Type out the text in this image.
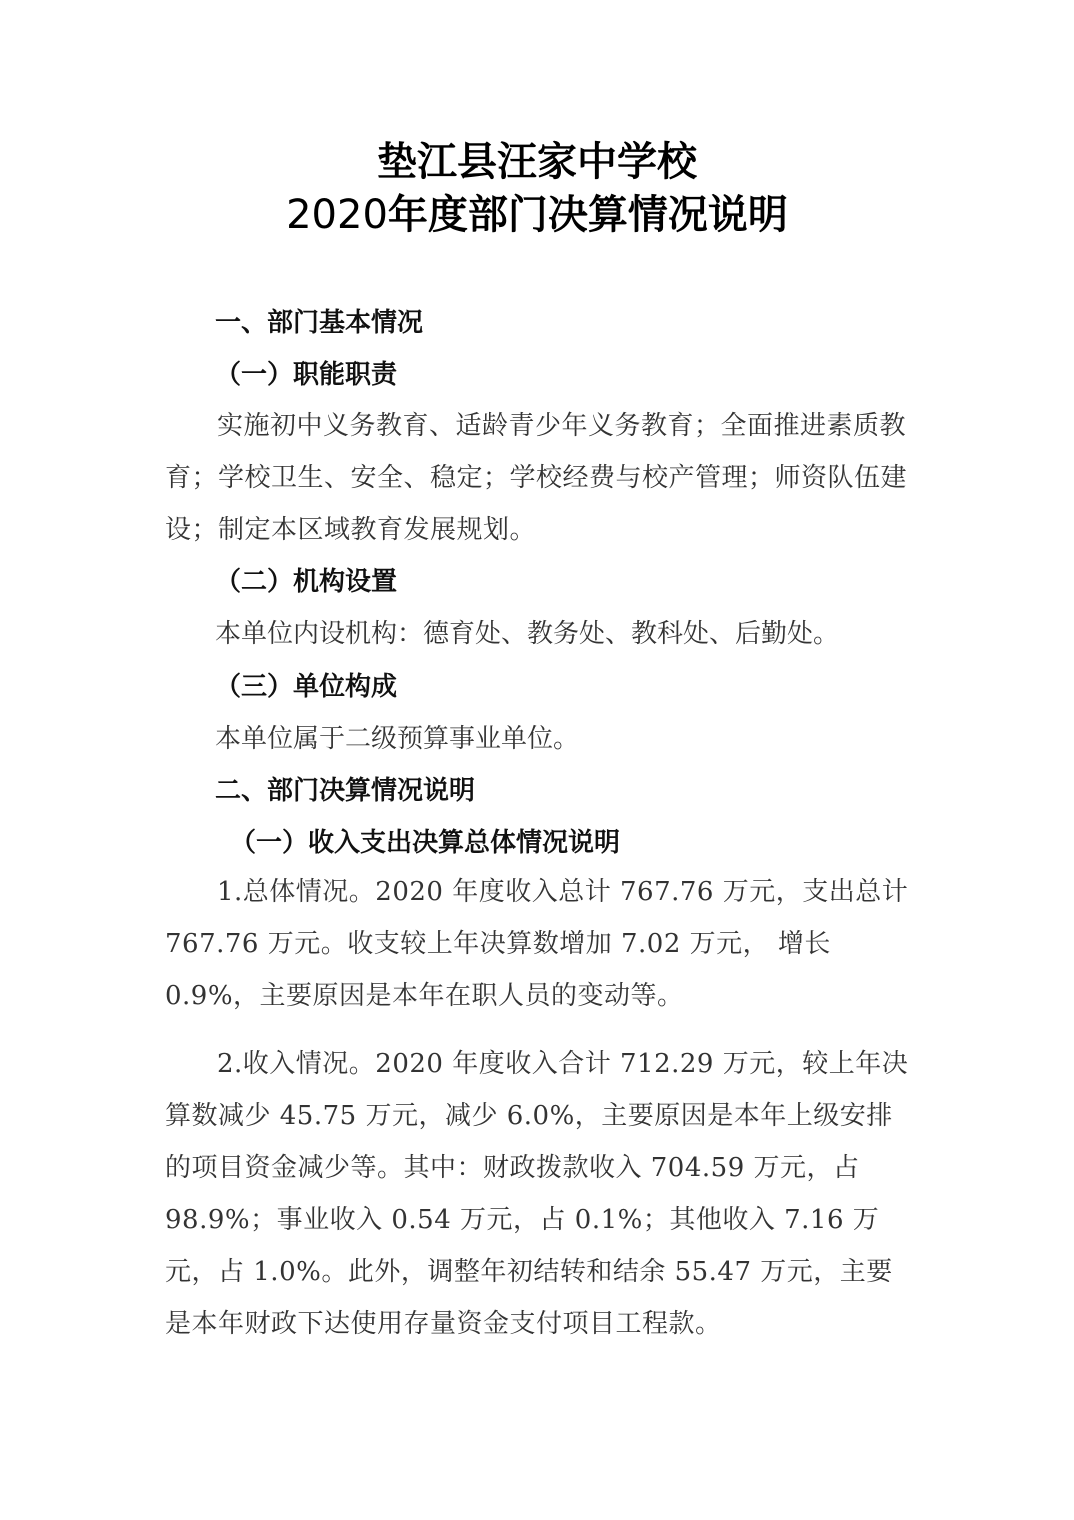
垫江县汪家中学校
2020年度部门决算情况说明
一、部门基本情况
（一）职能职责
实施初中义务教育、适龄青少年义务教育；全面推进素质教育；学校卫生、安全、稳定；学校经费与校产管理；师资队伍建设；制定本区域教育发展规划。
（二）机构设置
本单位内设机构：德育处、教务处、教科处、后勤处。
（三）单位构成
本单位属于二级预算事业单位。
二、部门决算情况说明
（一）收入支出决算总体情况说明
1.总体情况。2020 年度收入总计 767.76 万元，支出总计 767.76 万元。收支较上年决算数增加 7.02 万元， 增长 0.9%，主要原因是本年在职人员的变动等。
2.收入情况。2020 年度收入合计 712.29 万元，较上年决算数减少 45.75 万元，减少 6.0%，主要原因是本年上级安排的项目资金减少等。其中：财政拨款收入 704.59 万元，占 98.9%；事业收入 0.54 万元，占 0.1%；其他收入 7.16 万元，占 1.0%。此外，调整年初结转和结余 55.47 万元，主要是本年财政下达使用存量资金支付项目工程款。
